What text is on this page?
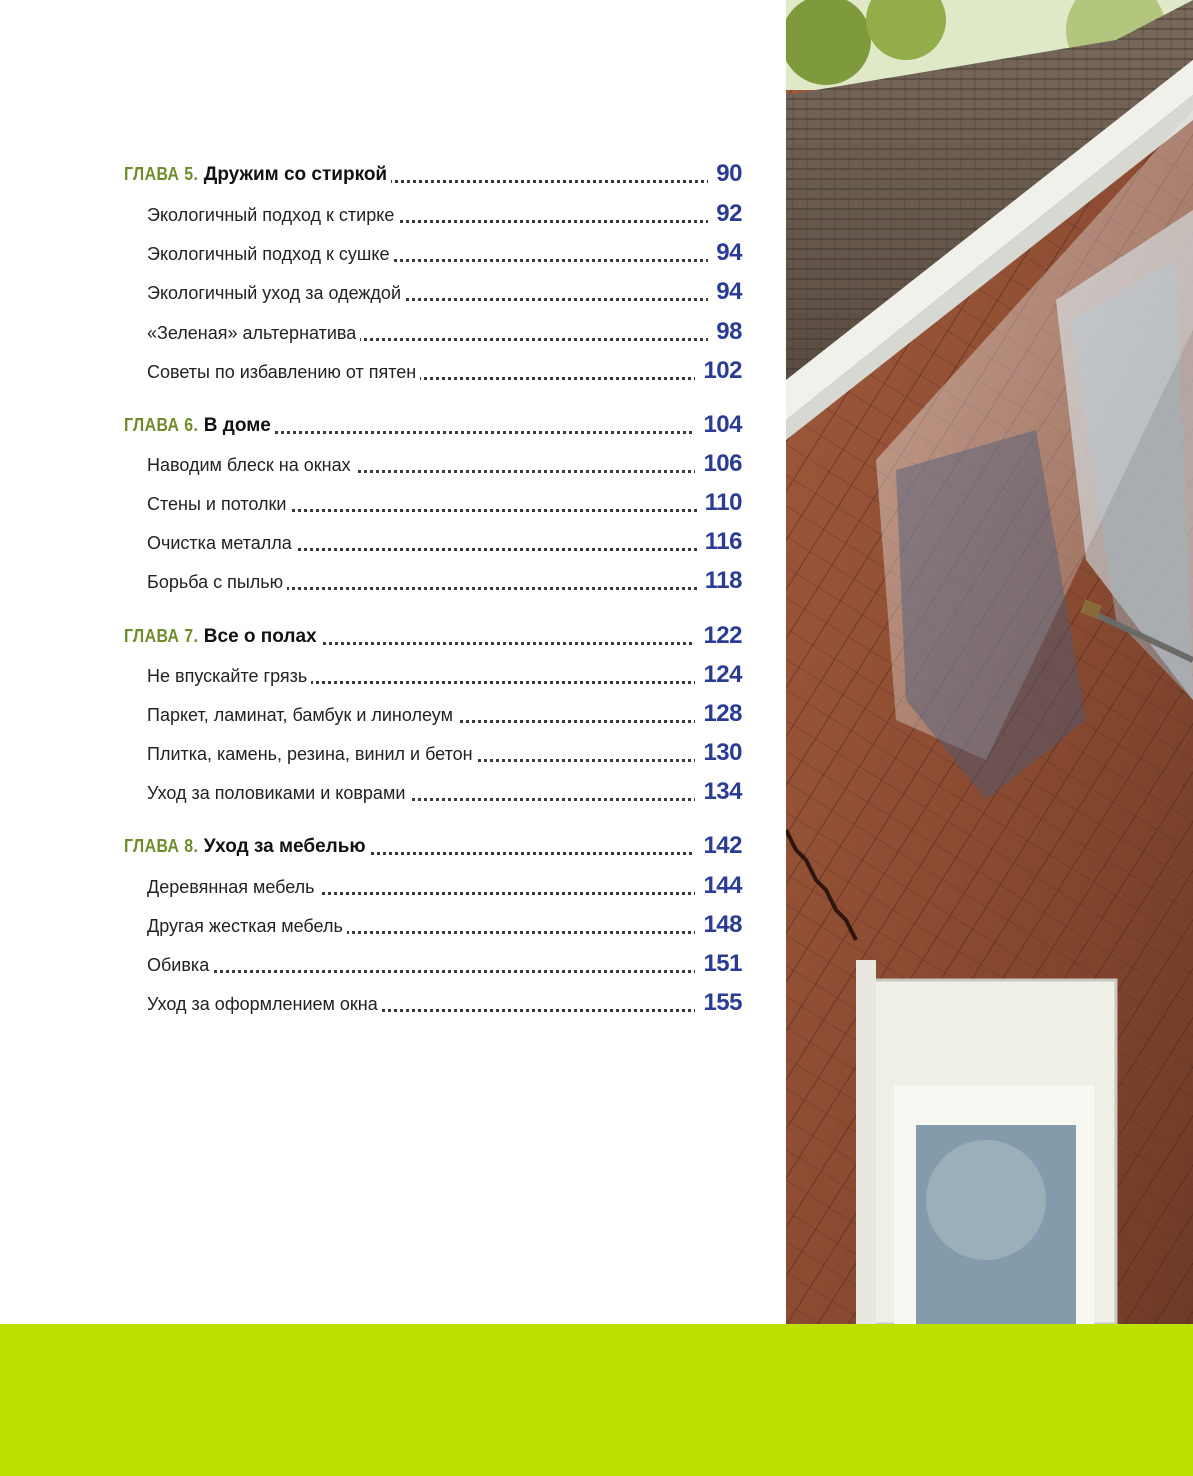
ГЛАВА 5. Дружим со стиркой	90
Экологичный подход к стирке	92
Экологичный подход к сушке	94
Экологичный уход за одеждой	94
«Зеленая» альтернатива	98
Советы по избавлению от пятен	102
ГЛАВА 6. В доме	104
Наводим блеск на окнах	106
Стены и потолки	110
Очистка металла	116
Борьба с пылью	118
ГЛАВА 7. Все о полах	122
Не впускайте грязь	124
Паркет, ламинат, бамбук и линолеум	128
Плитка, камень, резина, винил и бетон	130
Уход за половиками и коврами	134
ГЛАВА 8. Уход за мебелью	142
Деревянная мебель	144
Другая жесткая мебель	148
Обивка	151
Уход за оформлением окна	155
